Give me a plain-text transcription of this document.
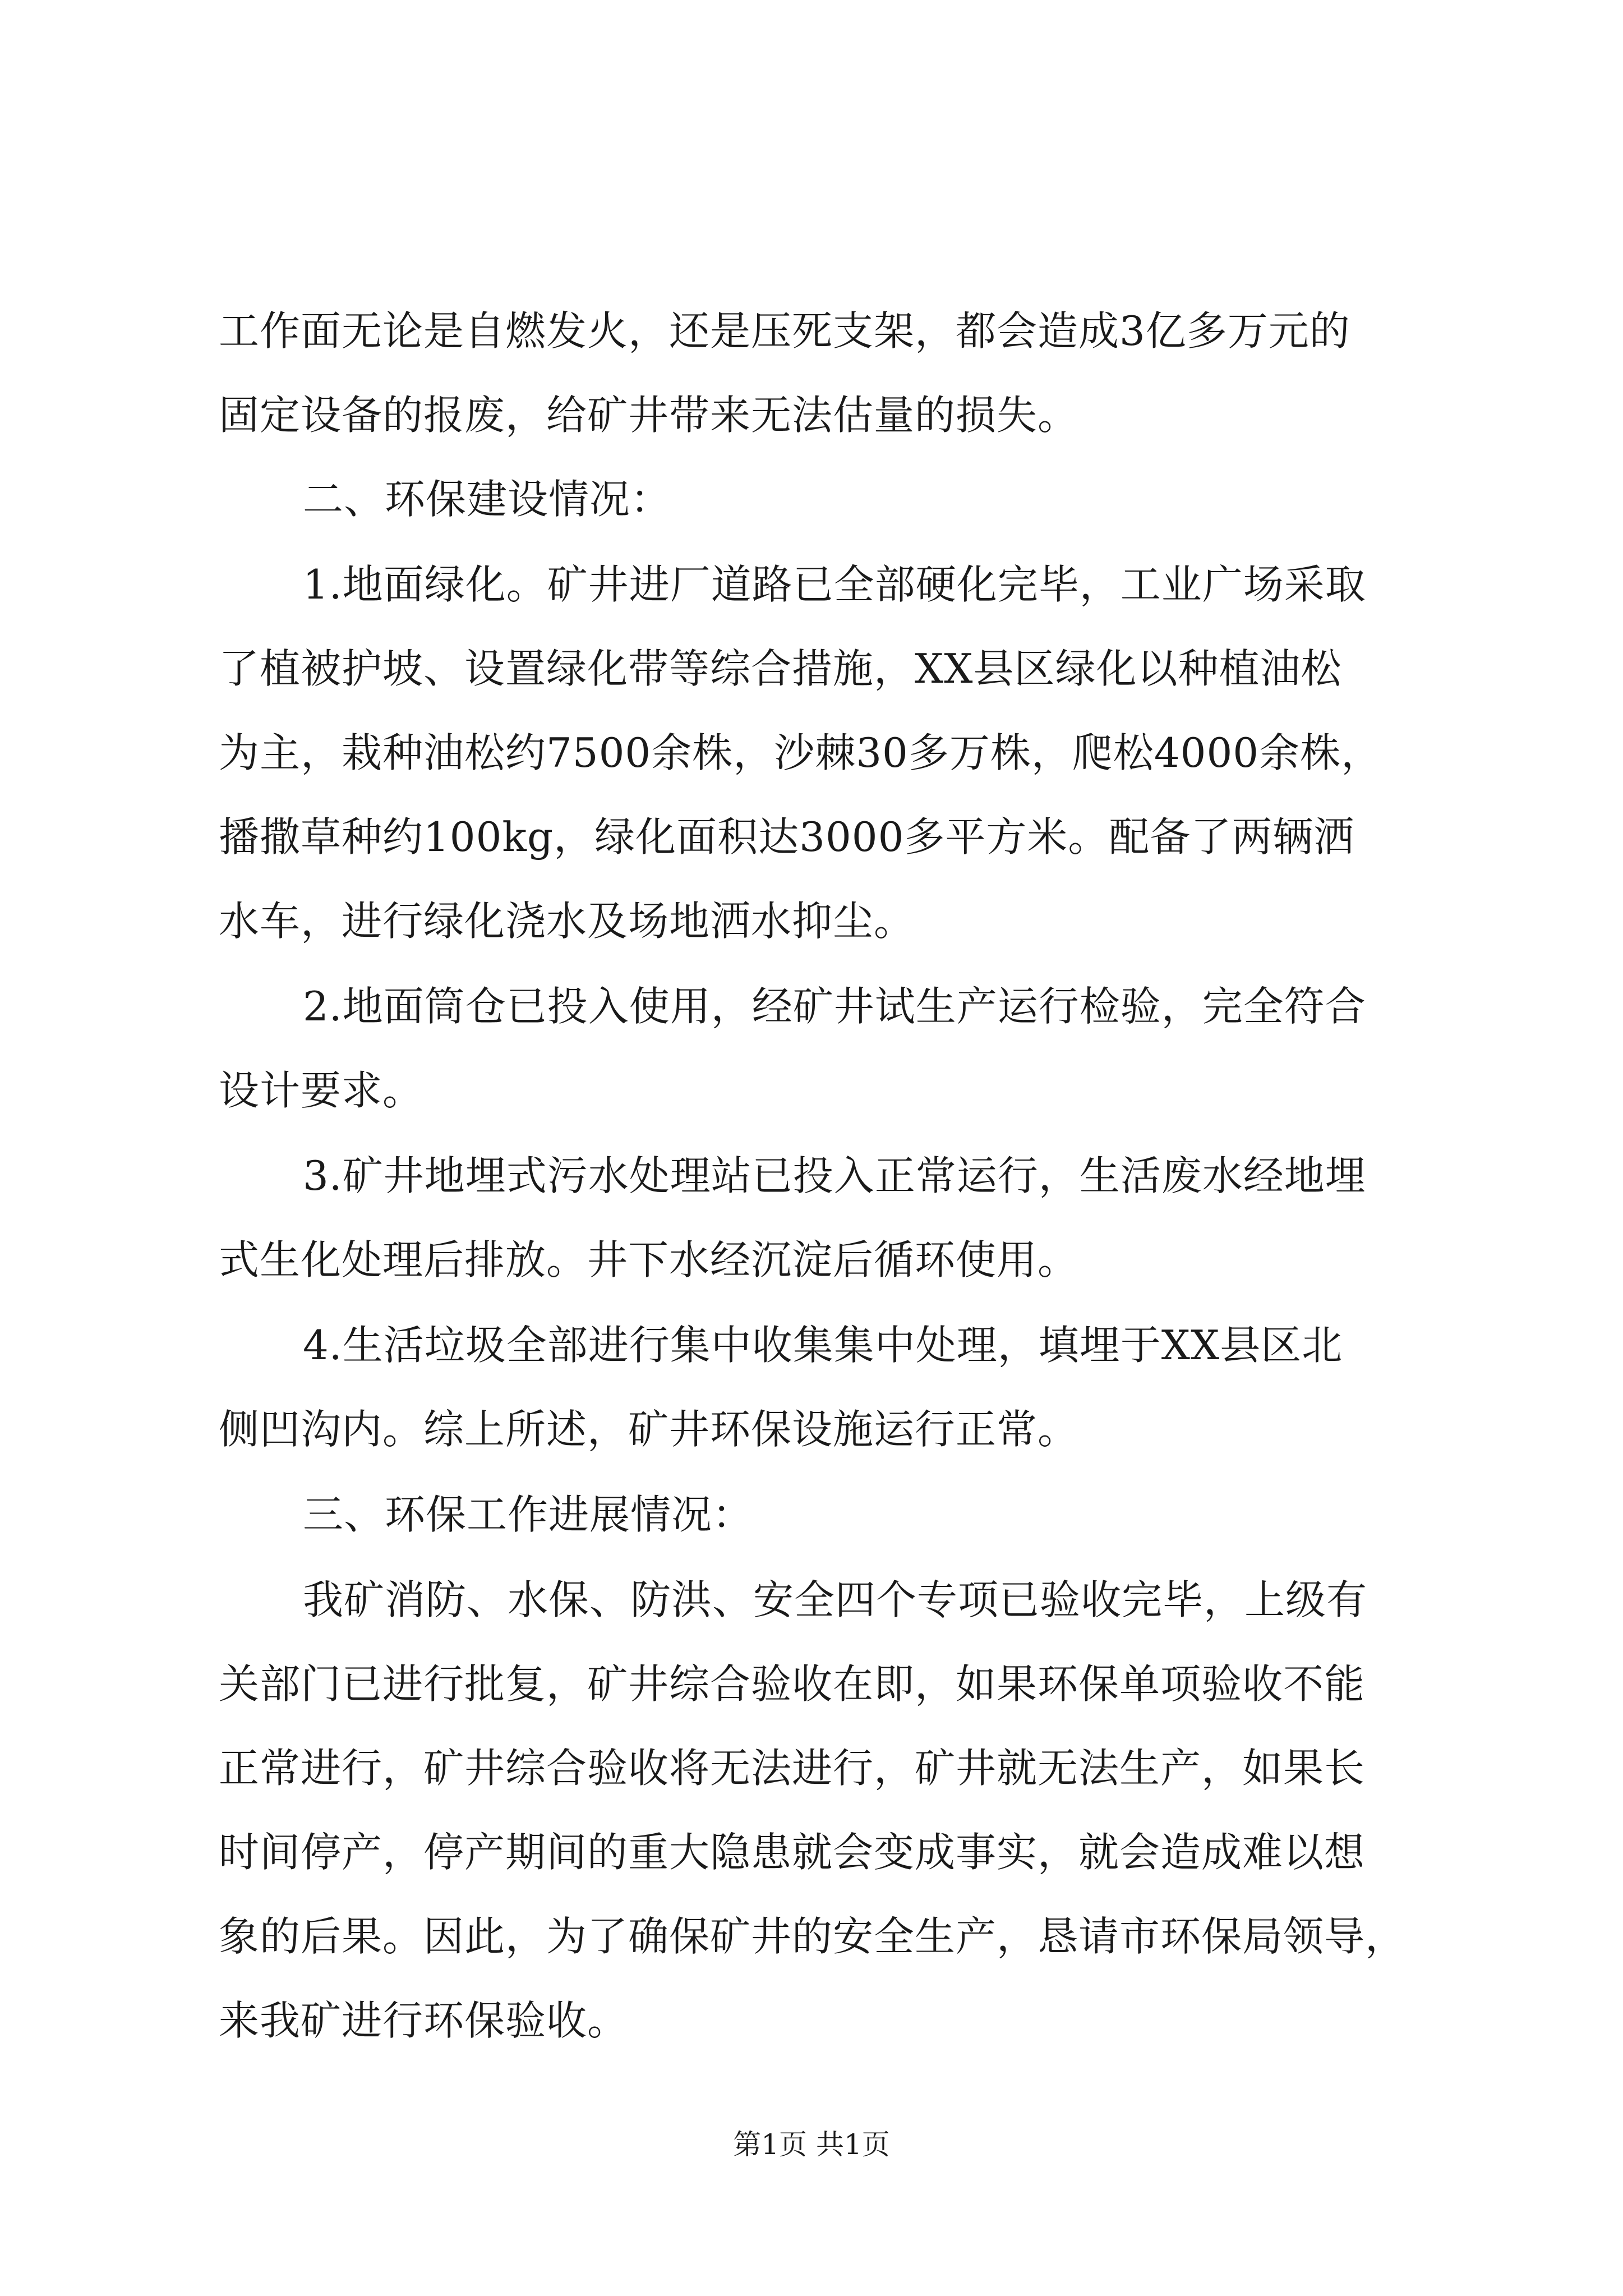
工作面无论是自燃发火，还是压死支架，都会造成3亿多万元的
固定设备的报废，给矿井带来无法估量的损失。
二、环保建设情况：
1.地面绿化。矿井进厂道路已全部硬化完毕，工业广场采取
了植被护坡、设置绿化带等综合措施，XX县区绿化以种植油松
为主，栽种油松约7500余株，沙棘30多万株，爬松4000余株，
播撒草种约100kg，绿化面积达3000多平方米。配备了两辆洒
水车，进行绿化浇水及场地洒水抑尘。
2.地面筒仓已投入使用，经矿井试生产运行检验，完全符合
设计要求。
3.矿井地埋式污水处理站已投入正常运行，生活废水经地埋
式生化处理后排放。井下水经沉淀后循环使用。
4.生活垃圾全部进行集中收集集中处理，填埋于XX县区北
侧凹沟内。综上所述，矿井环保设施运行正常。
三、环保工作进展情况：
我矿消防、水保、防洪、安全四个专项已验收完毕，上级有
关部门已进行批复，矿井综合验收在即，如果环保单项验收不能
正常进行，矿井综合验收将无法进行，矿井就无法生产，如果长
时间停产，停产期间的重大隐患就会变成事实，就会造成难以想
象的后果。因此，为了确保矿井的安全生产，恳请市环保局领导，
来我矿进行环保验收。
第1页 共1页
